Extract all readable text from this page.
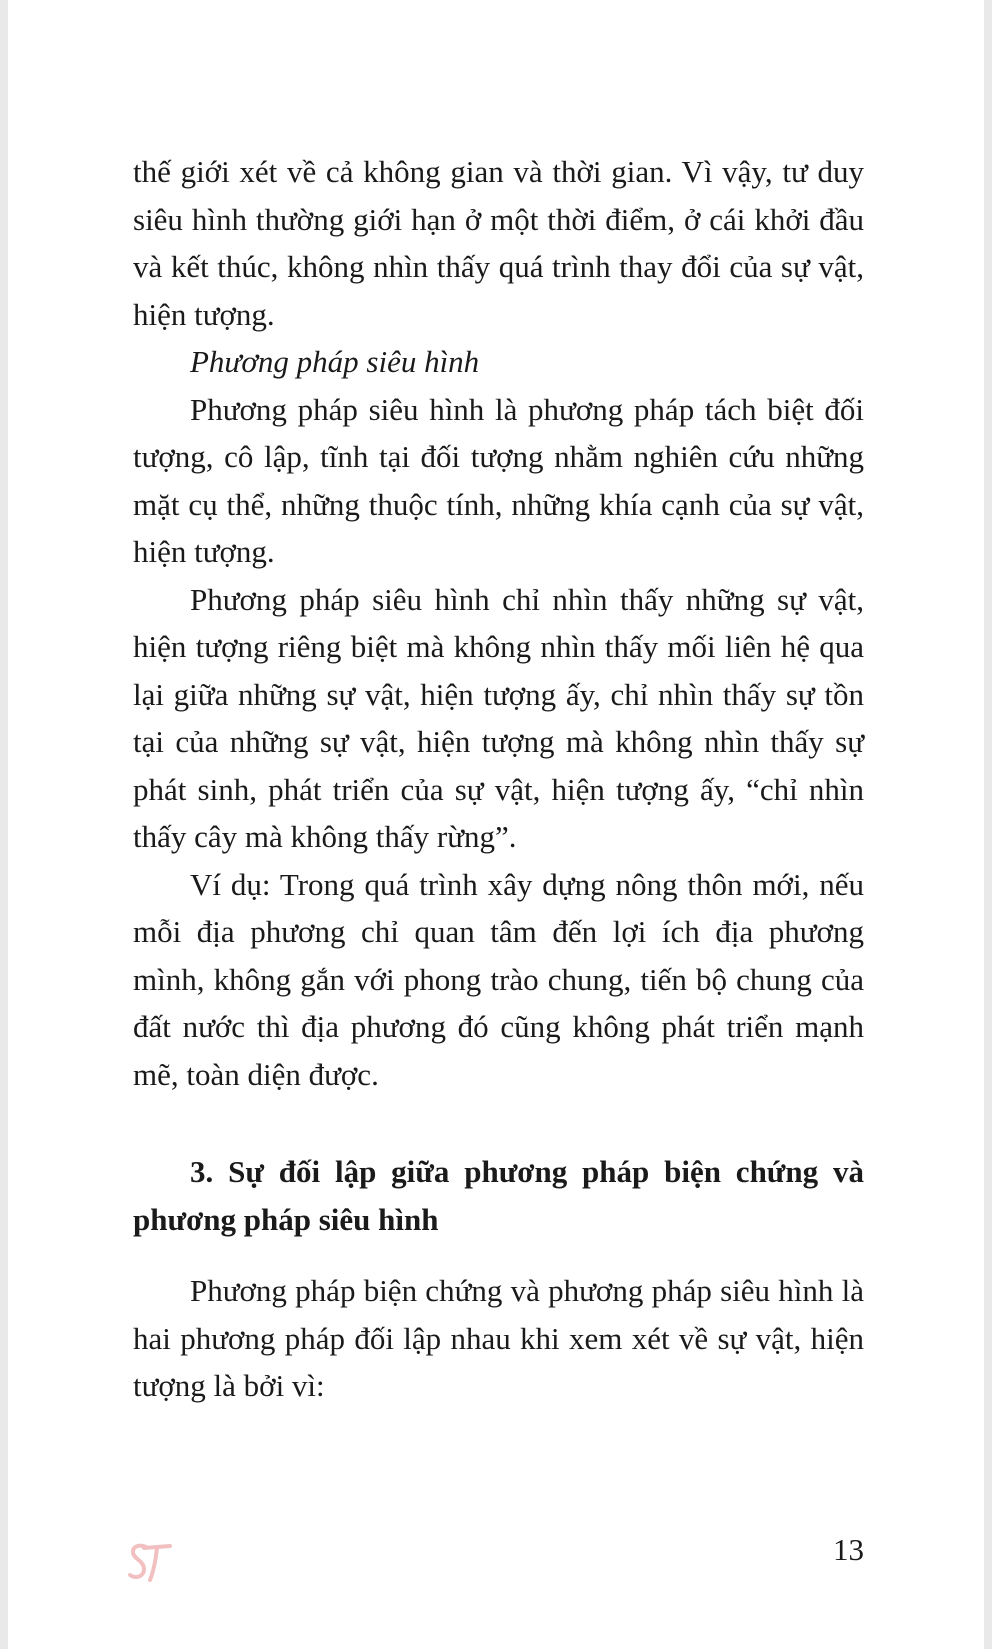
thế giới xét về cả không gian và thời gian. Vì vậy, tư duy siêu hình thường giới hạn ở một thời điểm, ở cái khởi đầu và kết thúc, không nhìn thấy quá trình thay đổi của sự vật, hiện tượng.

Phương pháp siêu hình

Phương pháp siêu hình là phương pháp tách biệt đối tượng, cô lập, tĩnh tại đối tượng nhằm nghiên cứu những mặt cụ thể, những thuộc tính, những khía cạnh của sự vật, hiện tượng.

Phương pháp siêu hình chỉ nhìn thấy những sự vật, hiện tượng riêng biệt mà không nhìn thấy mối liên hệ qua lại giữa những sự vật, hiện tượng ấy, chỉ nhìn thấy sự tồn tại của những sự vật, hiện tượng mà không nhìn thấy sự phát sinh, phát triển của sự vật, hiện tượng ấy, “chỉ nhìn thấy cây mà không thấy rừng”.

Ví dụ: Trong quá trình xây dựng nông thôn mới, nếu mỗi địa phương chỉ quan tâm đến lợi ích địa phương mình, không gắn với phong trào chung, tiến bộ chung của đất nước thì địa phương đó cũng không phát triển mạnh mẽ, toàn diện được.

3. Sự đối lập giữa phương pháp biện chứng và phương pháp siêu hình

Phương pháp biện chứng và phương pháp siêu hình là hai phương pháp đối lập nhau khi xem xét về sự vật, hiện tượng là bởi vì:

13
